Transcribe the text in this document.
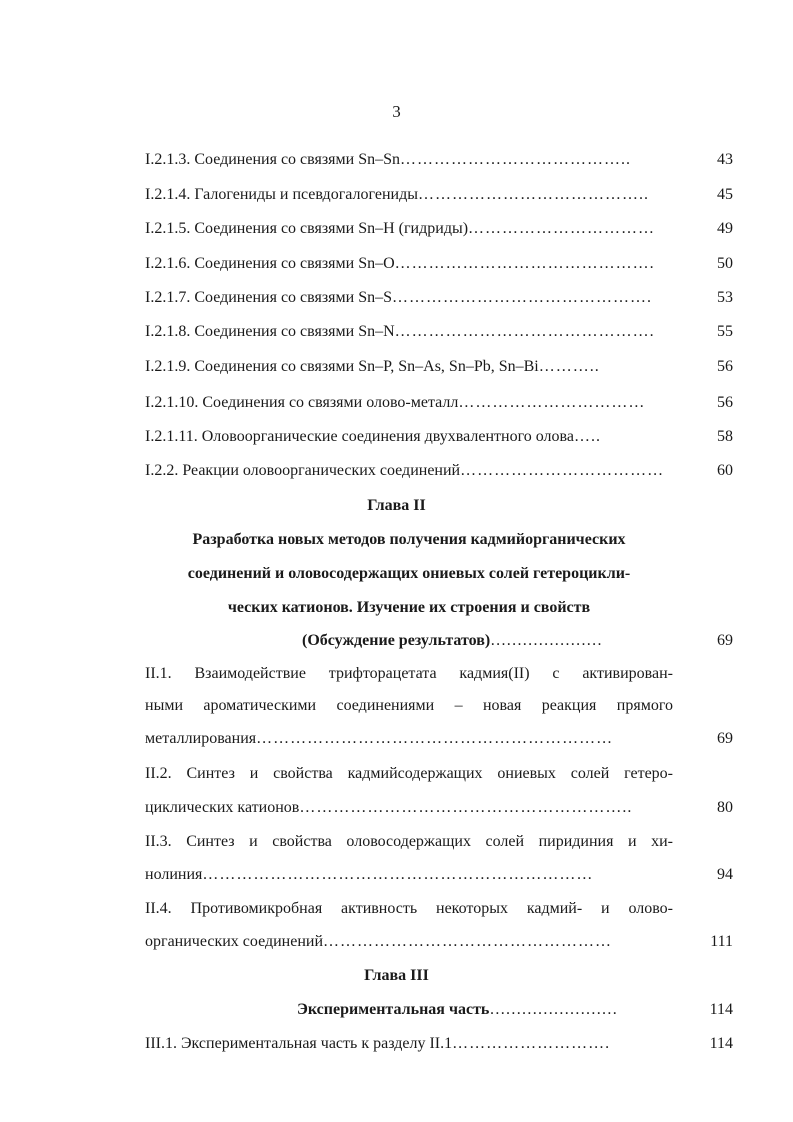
3
I.2.1.3. Соединения со связями Sn–Sn…………………………………..	43
I.2.1.4. Галогениды и псевдогалогениды…………………………………..	45
I.2.1.5. Соединения со связями Sn–H (гидриды)……………………………	49
I.2.1.6. Соединения со связями Sn–O……………………………………….	50
I.2.1.7. Соединения со связями Sn–S……………………………………….	53
I.2.1.8. Соединения со связями Sn–N……………………………………….	55
I.2.1.9. Соединения со связями Sn–P, Sn–As, Sn–Pb, Sn–Bi………..	56
I.2.1.10. Соединения со связями олово-металл……………………………	56
I.2.1.11. Оловоорганические соединения двухвалентного олова…..	58
I.2.2. Реакции оловоорганических соединений………………………………	60
Глава II
Разработка новых методов получения кадмийорганических
соединений и оловосодержащих ониевых солей гетероцикли-
ческих катионов. Изучение их строения и свойств
(Обсуждение результатов)…………………	69
II.1. Взаимодействие трифторацетата кадмия(II) с активирован-
ными ароматическими соединениями – новая реакция прямого
металлирования………………………………………………………	69
II.2. Синтез и свойства кадмийсодержащих ониевых солей гетеро-
циклических катионов…………………………………………………..	80
II.3. Синтез и свойства оловосодержащих солей пиридиния и хи-
нолиния……………………………………………………………	94
II.4. Противомикробная активность некоторых кадмий- и олово-
органических соединений……………………………………………	111
Глава III
Экспериментальная часть……………………	114
III.1. Экспериментальная часть к разделу II.1……………………….	114
